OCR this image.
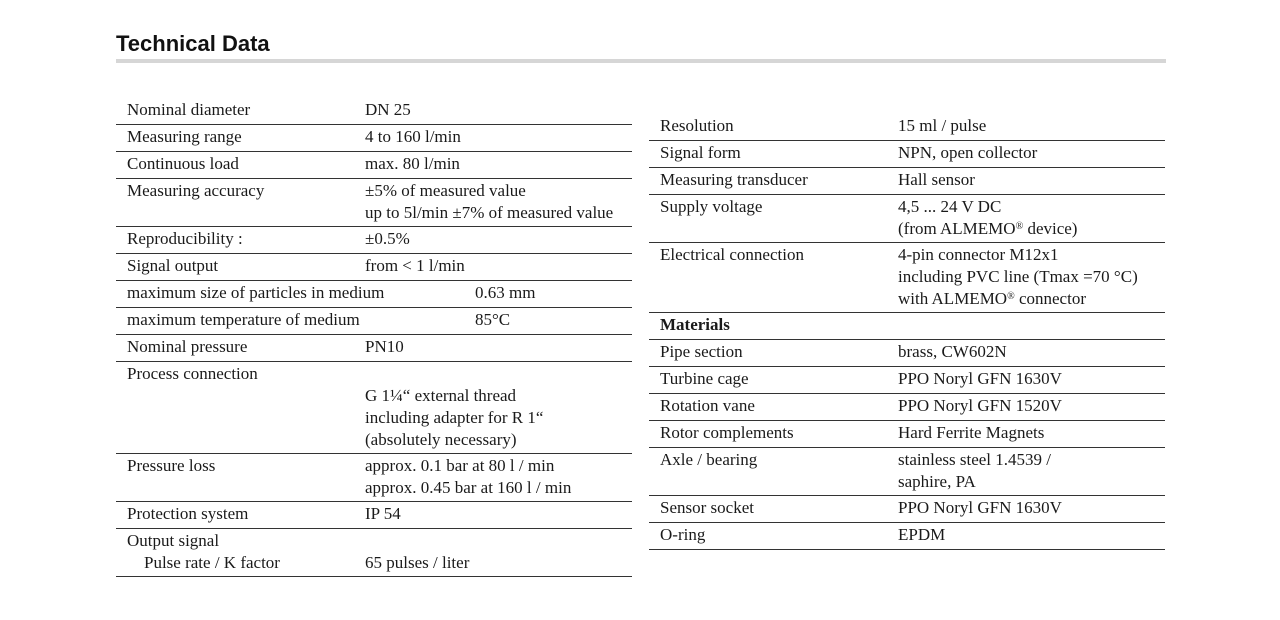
Technical Data
Nominal diameter	DN 25
Measuring range	4 to 160 l/min
Continuous load	max. 80 l/min
Measuring accuracy	±5% of measured value
up to 5l/min ±7% of measured value
Reproducibility :	±0.5%
Signal output	from < 1 l/min
maximum size of particles in medium	0.63 mm
maximum temperature of medium	85°C
Nominal pressure	PN10
Process connection
G 1¼“ external thread
including adapter for R 1“
(absolutely necessary)
Pressure loss	approx. 0.1 bar at 80 l / min
approx. 0.45 bar at 160 l / min
Protection system	IP 54
Output signal
Pulse rate / K factor	65 pulses / liter
Resolution	15 ml / pulse
Signal form	NPN, open collector
Measuring transducer	Hall sensor
Supply voltage	4,5 ... 24 V DC
(from ALMEMO® device)
Electrical connection	4-pin connector M12x1
including PVC line (Tmax =70 °C)
with ALMEMO® connector
Materials
Pipe section	brass, CW602N
Turbine cage	PPO Noryl GFN 1630V
Rotation vane	PPO Noryl GFN 1520V
Rotor complements	Hard Ferrite Magnets
Axle / bearing	stainless steel 1.4539 /
saphire, PA
Sensor socket	PPO Noryl GFN 1630V
O-ring	EPDM
